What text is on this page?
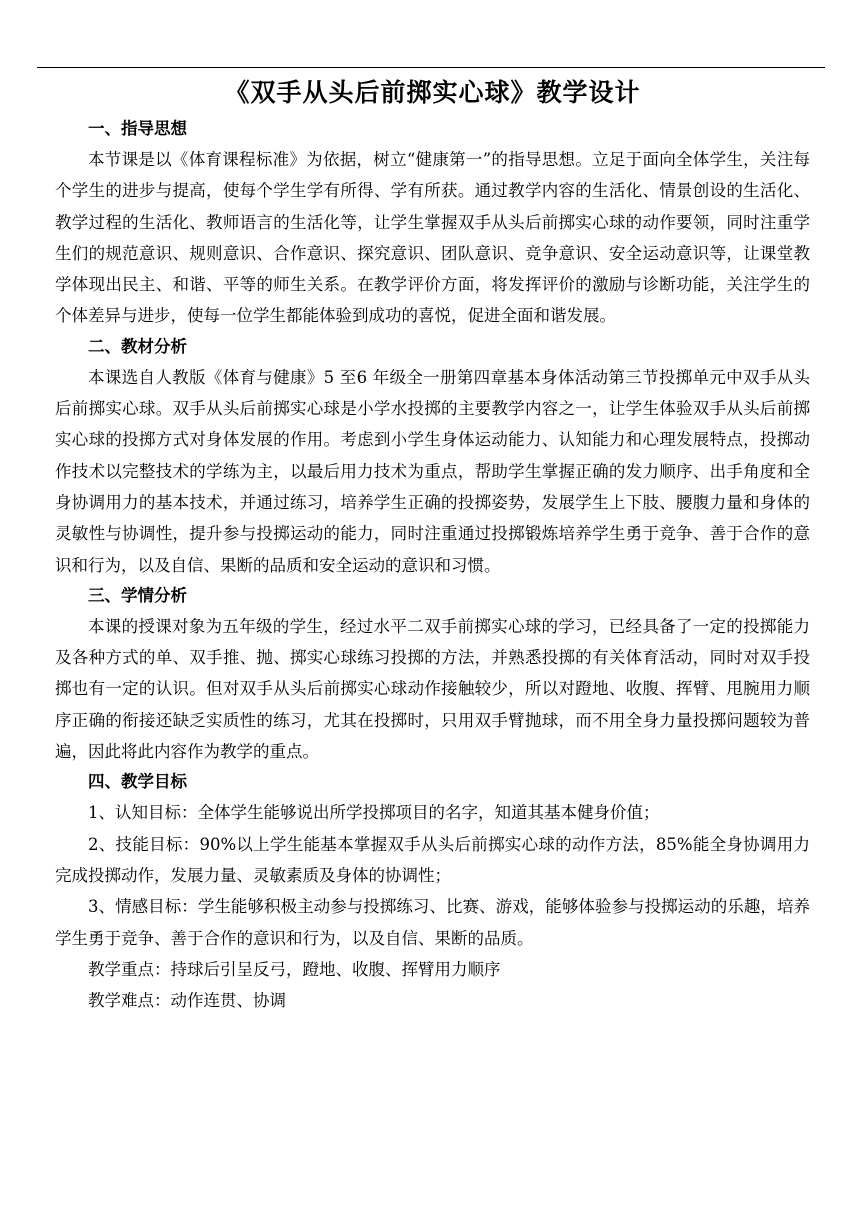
《双手从头后前掷实心球》教学设计
一、指导思想

本节课是以《体育课程标准》为依据，树立“健康第一”的指导思想。立足于面向全体学生，关注每个学生的进步与提高，使每个学生学有所得、学有所获。通过教学内容的生活化、情景创设的生活化、教学过程的生活化、教师语言的生活化等，让学生掌握双手从头后前掷实心球的动作要领，同时注重学生们的规范意识、规则意识、合作意识、探究意识、团队意识、竞争意识、安全运动意识等，让课堂教学体现出民主、和谐、平等的师生关系。在教学评价方面，将发挥评价的激励与诊断功能，关注学生的个体差异与进步，使每一位学生都能体验到成功的喜悦，促进全面和谐发展。

二、教材分析

本课选自人教版《体育与健康》5 至6 年级全一册第四章基本身体活动第三节投掷单元中双手从头后前掷实心球。双手从头后前掷实心球是小学水投掷的主要教学内容之一，让学生体验双手从头后前掷实心球的投掷方式对身体发展的作用。考虑到小学生身体运动能力、认知能力和心理发展特点，投掷动作技术以完整技术的学练为主，以最后用力技术为重点，帮助学生掌握正确的发力顺序、出手角度和全身协调用力的基本技术，并通过练习，培养学生正确的投掷姿势，发展学生上下肢、腰腹力量和身体的灵敏性与协调性，提升参与投掷运动的能力，同时注重通过投掷锻炼培养学生勇于竞争、善于合作的意识和行为，以及自信、果断的品质和安全运动的意识和习惯。

三、学情分析

本课的授课对象为五年级的学生，经过水平二双手前掷实心球的学习，已经具备了一定的投掷能力及各种方式的单、双手推、抛、掷实心球练习投掷的方法，并熟悉投掷的有关体育活动，同时对双手投掷也有一定的认识。但对双手从头后前掷实心球动作接触较少，所以对蹬地、收腹、挥臂、甩腕用力顺序正确的衔接还缺乏实质性的练习，尤其在投掷时，只用双手臂抛球，而不用全身力量投掷问题较为普遍，因此将此内容作为教学的重点。

四、教学目标

1、认知目标：全体学生能够说出所学投掷项目的名字，知道其基本健身价值；

2、技能目标：90%以上学生能基本掌握双手从头后前掷实心球的动作方法，85%能全身协调用力完成投掷动作，发展力量、灵敏素质及身体的协调性；

3、情感目标：学生能够积极主动参与投掷练习、比赛、游戏，能够体验参与投掷运动的乐趣，培养学生勇于竞争、善于合作的意识和行为，以及自信、果断的品质。

教学重点：持球后引呈反弓，蹬地、收腹、挥臂用力顺序

教学难点：动作连贯、协调
